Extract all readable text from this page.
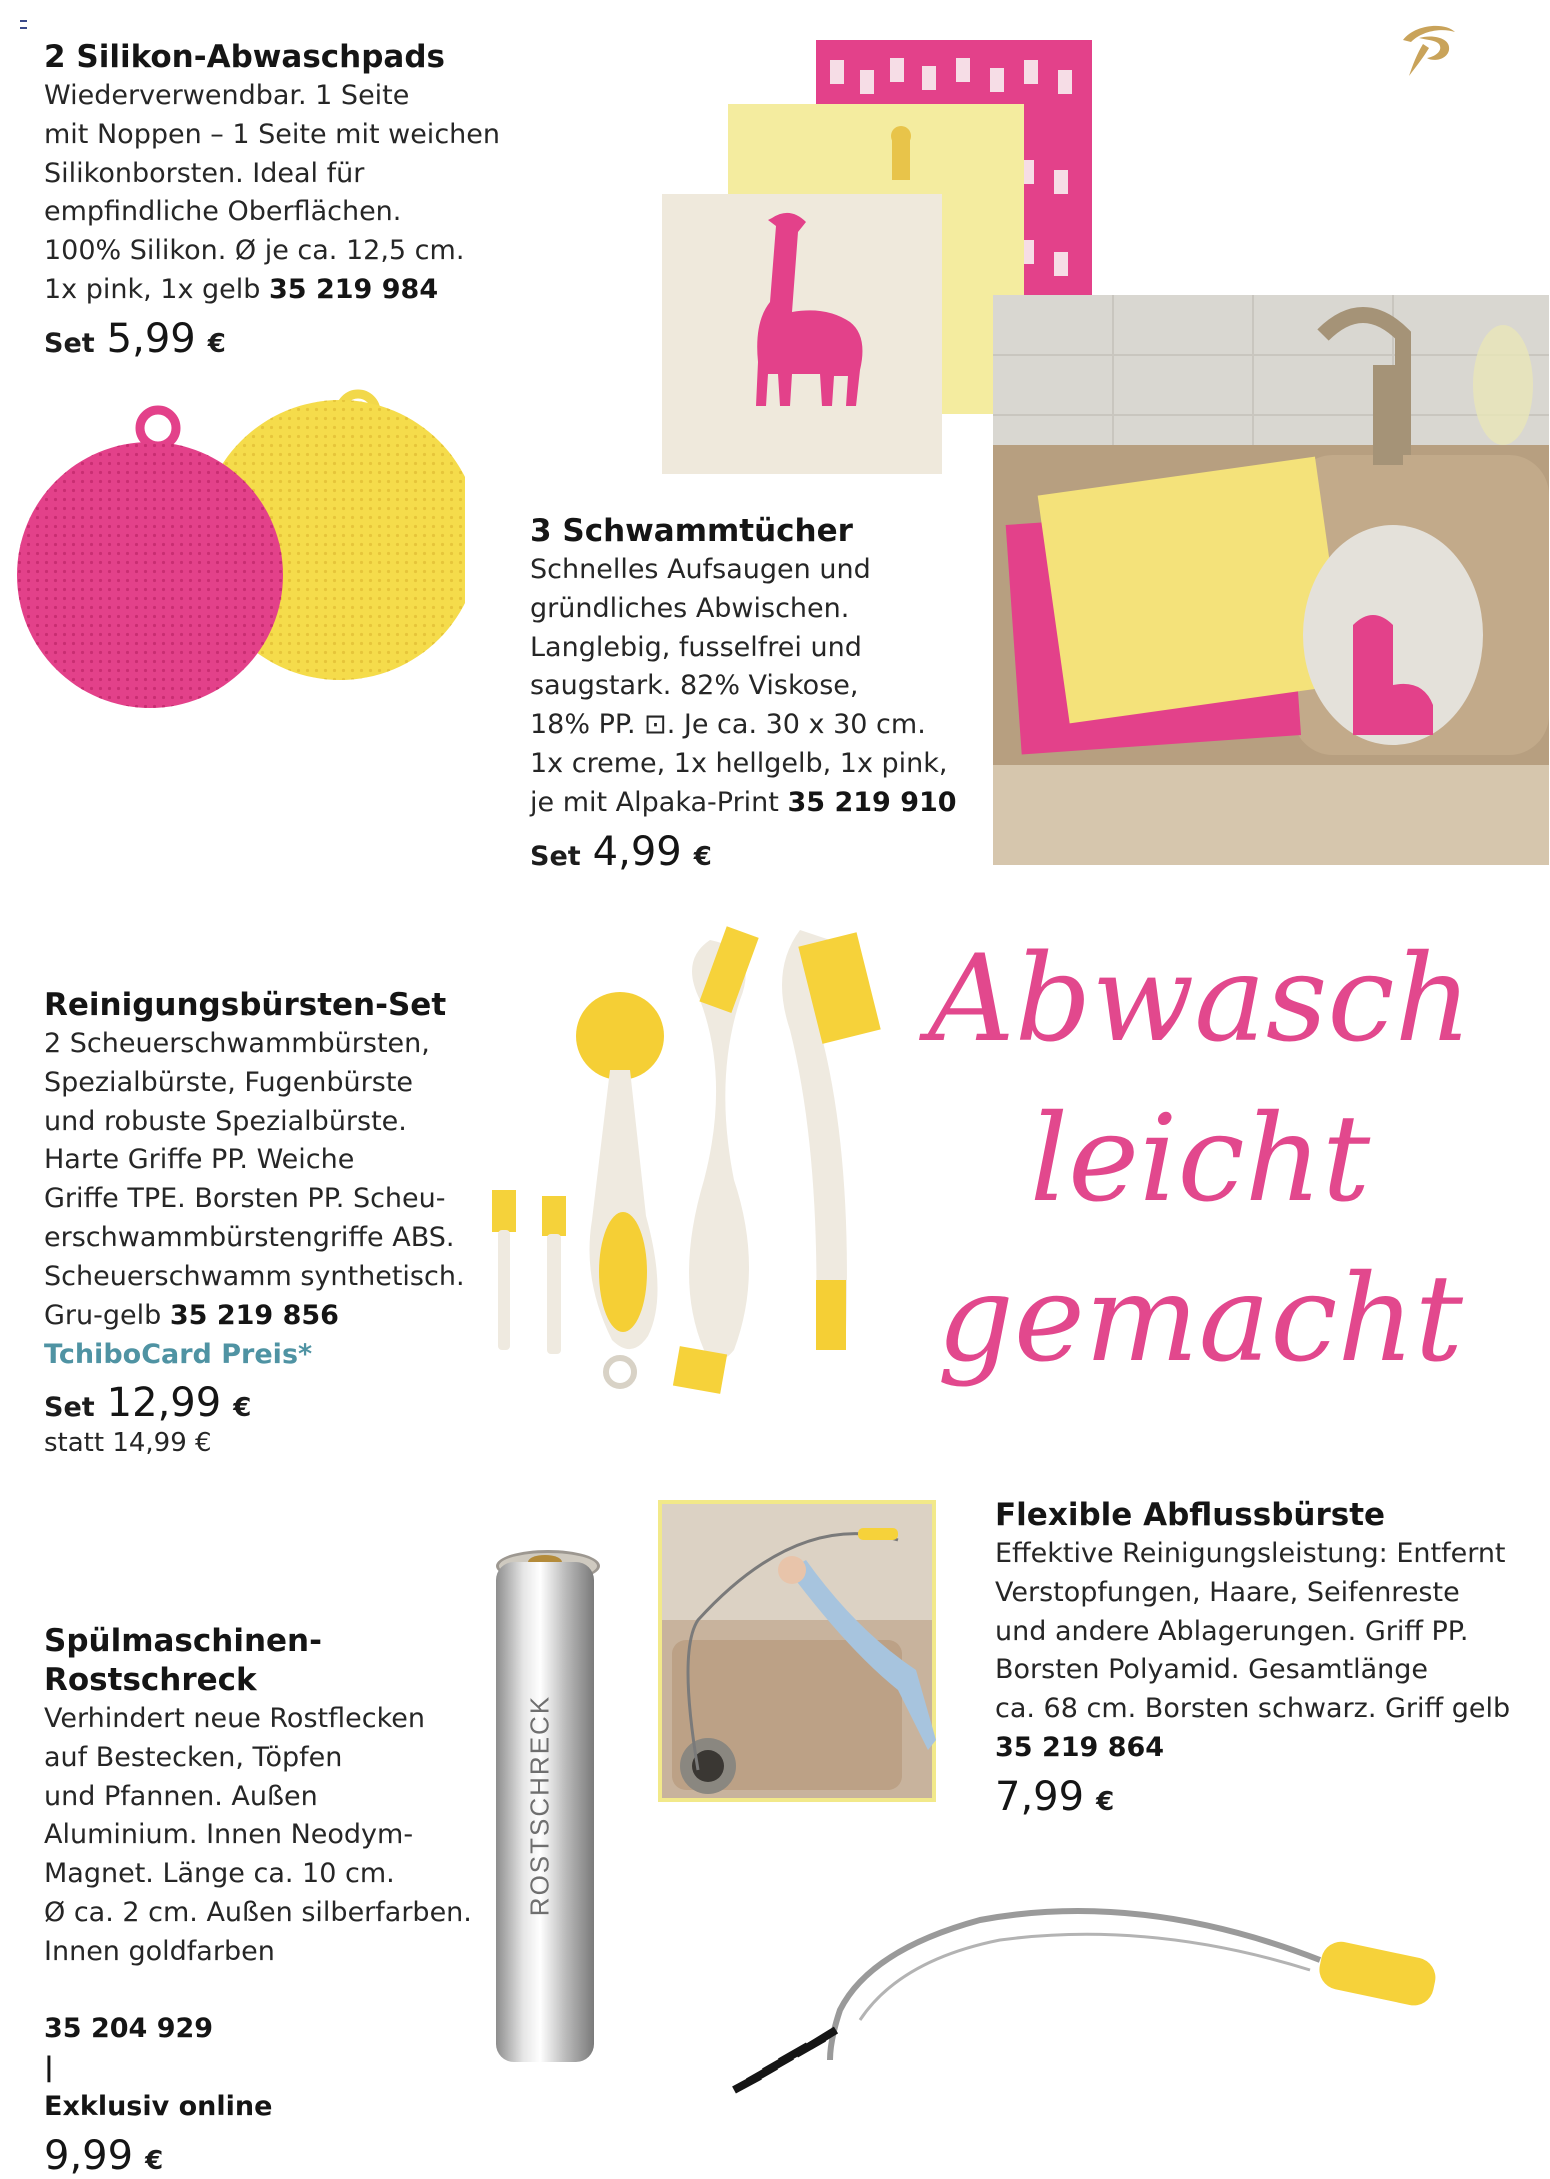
2 Silikon-Abwaschpads

Wiederverwendbar. 1 Seite
mit Noppen – 1 Seite mit weichen
Silikonborsten. Ideal für
empfindliche Oberflächen.
100% Silikon. Ø je ca. 12,5 cm.
1x pink, 1x gelb 35 219 984

Set 5,99 €
3 Schwammtücher

Schnelles Aufsaugen und
gründliches Abwischen.
Langlebig, fusselfrei und
saugstark. 82% Viskose,
18% PP. ⊡. Je ca. 30 x 30 cm.
1x creme, 1x hellgelb, 1x pink,
je mit Alpaka-Print 35 219 910

Set 4,99 €
Reinigungsbürsten-Set

2 Scheuerschwammbürsten,
Spezialbürste, Fugenbürste
und robuste Spezialbürste.
Harte Griffe PP. Weiche
Griffe TPE. Borsten PP. Scheu-
erschwammbürstengriffe ABS.
Scheuerschwamm synthetisch.
Gru-gelb 35 219 856

TchiboCard Preis*
Set 12,99 €
statt 14,99 €
Abwasch
leicht
gemacht
Flexible Abflussbürste

Effektive Reinigungsleistung: Entfernt
Verstopfungen, Haare, Seifenreste
und andere Ablagerungen. Griff PP.
Borsten Polyamid. Gesamtlänge
ca. 68 cm. Borsten schwarz. Griff gelb

35 219 864
7,99 €
Spülmaschinen-
Rostschreck

Verhindert neue Rostflecken
auf Bestecken, Töpfen
und Pfannen. Außen
Aluminium. Innen Neodym-
Magnet. Länge ca. 10 cm.
Ø ca. 2 cm. Außen silberfarben.
Innen goldfarben

35 204 929
|
Exklusiv online

9,99 €
ROSTSCHRECK
